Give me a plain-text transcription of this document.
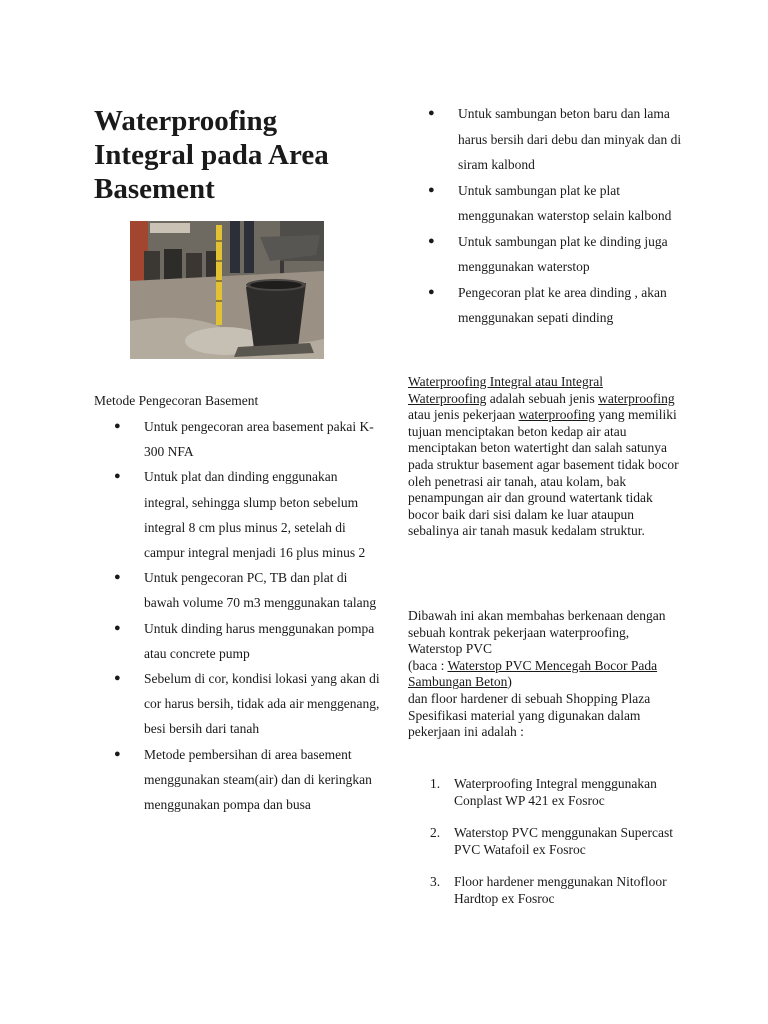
Waterproofing Integral pada Area Basement

Metode Pengecoran Basement

● Untuk pengecoran area basement pakai K-300 NFA
● Untuk plat dan dinding enggunakan integral, sehingga slump beton sebelum integral 8 cm plus minus 2, setelah di campur integral menjadi 16 plus minus 2
● Untuk pengecoran PC, TB dan plat di bawah volume 70 m3 menggunakan talang
● Untuk dinding harus menggunakan pompa atau concrete pump
● Sebelum di cor, kondisi lokasi yang akan di cor harus bersih, tidak ada air menggenang, besi bersih dari tanah
● Metode pembersihan di area basement menggunakan steam(air) dan di keringkan menggunakan pompa dan busa
● Untuk sambungan beton baru dan lama harus bersih dari debu dan minyak dan di siram kalbond
● Untuk sambungan plat ke plat menggunakan waterstop selain kalbond
● Untuk sambungan plat ke dinding juga menggunakan waterstop
● Pengecoran plat ke area dinding , akan menggunakan sepati dinding

Waterproofing Integral atau Integral Waterproofing adalah sebuah jenis waterproofing atau jenis pekerjaan waterproofing yang memiliki tujuan menciptakan beton kedap air atau menciptakan beton watertight dan salah satunya pada struktur basement agar basement tidak bocor oleh penetrasi air tanah, atau kolam, bak penampungan air dan ground watertank tidak bocor baik dari sisi dalam ke luar ataupun sebalinya air tanah masuk kedalam struktur.

Dibawah ini akan membahas berkenaan dengan sebuah kontrak pekerjaan waterproofing, Waterstop PVC
(baca : Waterstop PVC Mencegah Bocor Pada Sambungan Beton)
dan floor hardener di sebuah Shopping Plaza
Spesifikasi material yang digunakan dalam pekerjaan ini adalah :

1. Waterproofing Integral menggunakan Conplast WP 421 ex Fosroc
2. Waterstop PVC menggunakan Supercast PVC Watafoil ex Fosroc
3. Floor hardener menggunakan Nitofloor Hardtop ex Fosroc
